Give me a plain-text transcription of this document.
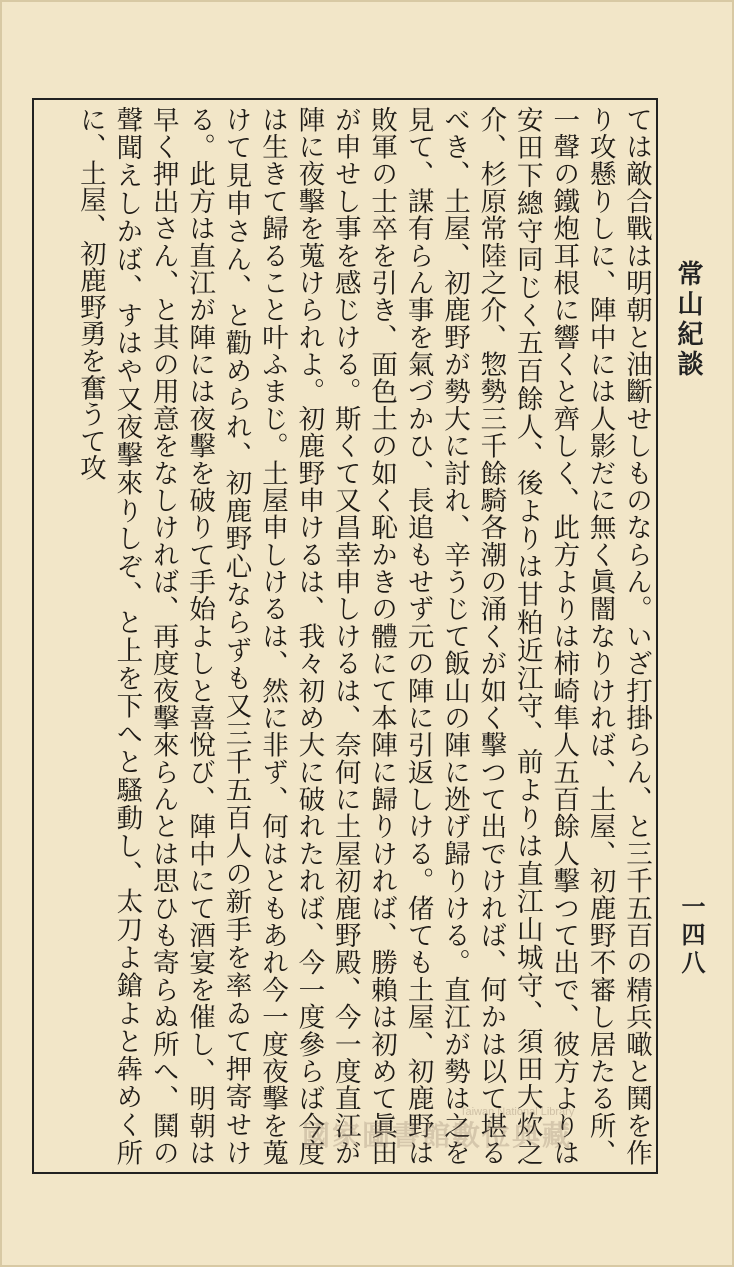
常山紀談
一四八

ては敵合戰は明朝と油斷せしものならん。いざ打掛らん、と三千五百の精兵噉と鬨を作り攻懸りしに、陣中には人影だに無く眞闇なりければ、土屋、初鹿野不審し居たる所、一聲の鐵炮耳根に響くと齊しく、此方よりは柿崎隼人五百餘人擊つて出で、彼方よりは安田下總守同じく五百餘人、後よりは甘粕近江守、前よりは直江山城守、須田大炊之介、杉原常陸之介、惣勢三千餘騎各潮の涌くが如く擊つて出でければ、何かは以て堪るべき、土屋、初鹿野が勢大に討れ、辛うじて飯山の陣に迯げ歸りける。直江が勢は之を見て、謀有らん事を氣づかひ、長追もせず元の陣に引返しける。偖ても土屋、初鹿野は敗軍の士卒を引き、面色土の如く恥かきの體にて本陣に歸りければ、勝賴は初めて眞田が申せし事を感じける。斯くて又昌幸申しけるは、奈何に土屋初鹿野殿、今一度直江が陣に夜擊を蒐けられよ。初鹿野申けるは、我々初め大に破れたれば、今一度參らば今度は生きて歸ること叶ふまじ。土屋申しけるは、然に非ず、何はともあれ今一度夜擊を蒐けて見申さん、と勸められ、初鹿野心ならずも又三千五百人の新手を率ゐて押寄せける。此方は直江が陣には夜擊を破りて手始よしと喜悅び、陣中にて酒宴を催し、明朝は早く押出さん、と其の用意をなしければ、再度夜擊來らんとは思ひも寄らぬ所へ、鬨の聲聞えしかば、すはや又夜擊來りしぞ、と上を下へと騷動し、太刀よ鎗よと犇めく所に、土屋、初鹿野勇を奮うて攻

國家圖書館數位典藏
Taiwan National Library
